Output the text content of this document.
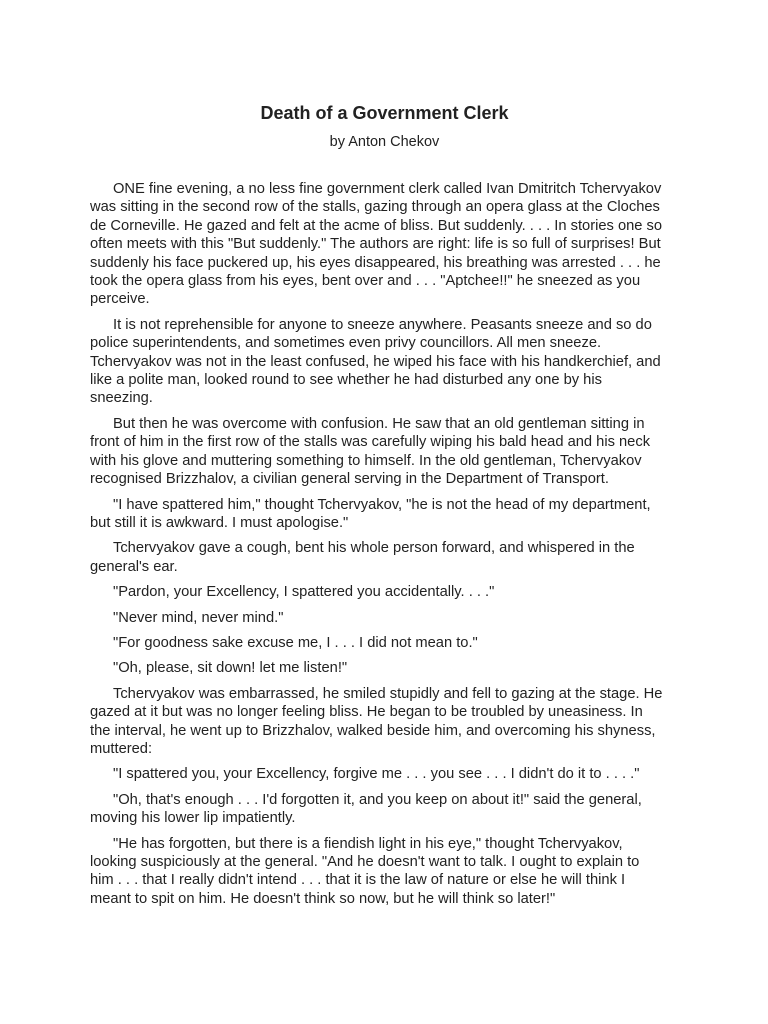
Death of a Government Clerk

by Anton Chekov

ONE fine evening, a no less fine government clerk called Ivan Dmitritch Tchervyakov
was sitting in the second row of the stalls, gazing through an opera glass at the Cloches
de Corneville. He gazed and felt at the acme of bliss. But suddenly. . . . In stories one so
often meets with this "But suddenly." The authors are right: life is so full of surprises! But
suddenly his face puckered up, his eyes disappeared, his breathing was arrested . . . he
took the opera glass from his eyes, bent over and . . . "Aptchee!!" he sneezed as you
perceive.

It is not reprehensible for anyone to sneeze anywhere. Peasants sneeze and so do
police superintendents, and sometimes even privy councillors. All men sneeze.
Tchervyakov was not in the least confused, he wiped his face with his handkerchief, and
like a polite man, looked round to see whether he had disturbed any one by his
sneezing.

But then he was overcome with confusion. He saw that an old gentleman sitting in
front of him in the first row of the stalls was carefully wiping his bald head and his neck
with his glove and muttering something to himself. In the old gentleman, Tchervyakov
recognised Brizzhalov, a civilian general serving in the Department of Transport.

"I have spattered him," thought Tchervyakov, "he is not the head of my department,
but still it is awkward. I must apologise."

Tchervyakov gave a cough, bent his whole person forward, and whispered in the
general's ear.

"Pardon, your Excellency, I spattered you accidentally. . . ."

"Never mind, never mind."

"For goodness sake excuse me, I . . . I did not mean to."

"Oh, please, sit down! let me listen!"

Tchervyakov was embarrassed, he smiled stupidly and fell to gazing at the stage. He
gazed at it but was no longer feeling bliss. He began to be troubled by uneasiness. In
the interval, he went up to Brizzhalov, walked beside him, and overcoming his shyness,
muttered:

"I spattered you, your Excellency, forgive me . . . you see . . . I didn't do it to . . . ."

"Oh, that's enough . . . I'd forgotten it, and you keep on about it!" said the general,
moving his lower lip impatiently.

"He has forgotten, but there is a fiendish light in his eye," thought Tchervyakov,
looking suspiciously at the general. "And he doesn't want to talk. I ought to explain to
him . . . that I really didn't intend . . . that it is the law of nature or else he will think I
meant to spit on him. He doesn't think so now, but he will think so later!"
